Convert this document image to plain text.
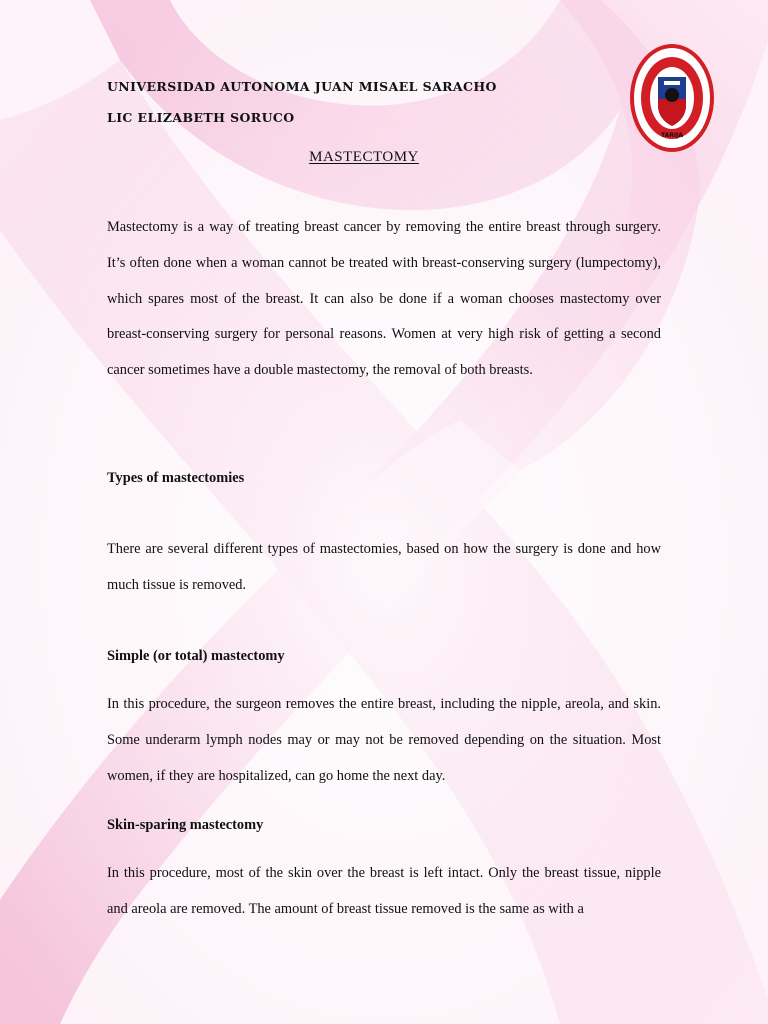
TARIJA
UNIVERSIDAD AUTONOMA JUAN MISAEL SARACHO
LIC ELIZABETH SORUCO
MASTECTOMY

Mastectomy is a way of treating breast cancer by removing the entire breast through surgery. It’s often done when a woman cannot be treated with breast-conserving surgery (lumpectomy), which spares most of the breast. It can also be done if a woman chooses mastectomy over breast-conserving surgery for personal reasons. Women at very high risk of getting a second cancer sometimes have a double mastectomy, the removal of both breasts.

Types of mastectomies

There are several different types of mastectomies, based on how the surgery is done and how much tissue is removed.

Simple (or total) mastectomy

In this procedure, the surgeon removes the entire breast, including the nipple, areola, and skin. Some underarm lymph nodes may or may not be removed depending on the situation. Most women, if they are hospitalized, can go home the next day.

Skin-sparing mastectomy

In this procedure, most of the skin over the breast is left intact. Only the breast tissue, nipple and areola are removed. The amount of breast tissue removed is the same as with a
